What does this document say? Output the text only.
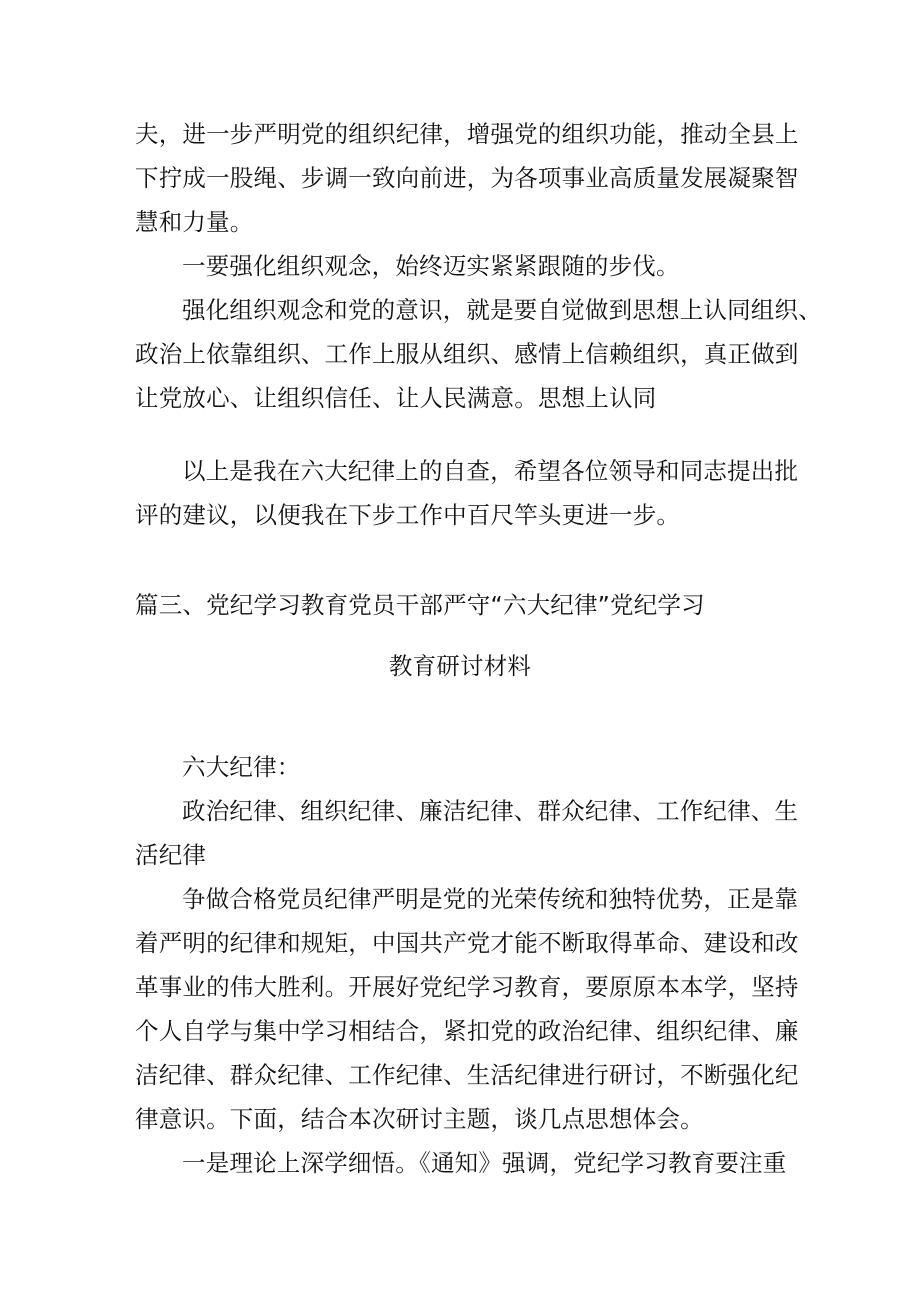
夫，进一步严明党的组织纪律，增强党的组织功能，推动全县上
下拧成一股绳、步调一致向前进，为各项事业高质量发展凝聚智
慧和力量。
一要强化组织观念，始终迈实紧紧跟随的步伐。
强化组织观念和党的意识，就是要自觉做到思想上认同组织、
政治上依靠组织、工作上服从组织、感情上信赖组织，真正做到
让党放心、让组织信任、让人民满意。思想上认同
以上是我在六大纪律上的自查，希望各位领导和同志提出批
评的建议，以便我在下步工作中百尺竿头更进一步。
篇三、党纪学习教育党员干部严守“六大纪律”党纪学习
教育研讨材料
六大纪律：
政治纪律、组织纪律、廉洁纪律、群众纪律、工作纪律、生
活纪律
争做合格党员纪律严明是党的光荣传统和独特优势，正是靠
着严明的纪律和规矩，中国共产党才能不断取得革命、建设和改
革事业的伟大胜利。开展好党纪学习教育，要原原本本学，坚持
个人自学与集中学习相结合，紧扣党的政治纪律、组织纪律、廉
洁纪律、群众纪律、工作纪律、生活纪律进行研讨，不断强化纪
律意识。下面，结合本次研讨主题，谈几点思想体会。
一是理论上深学细悟。《通知》强调，党纪学习教育要注重
